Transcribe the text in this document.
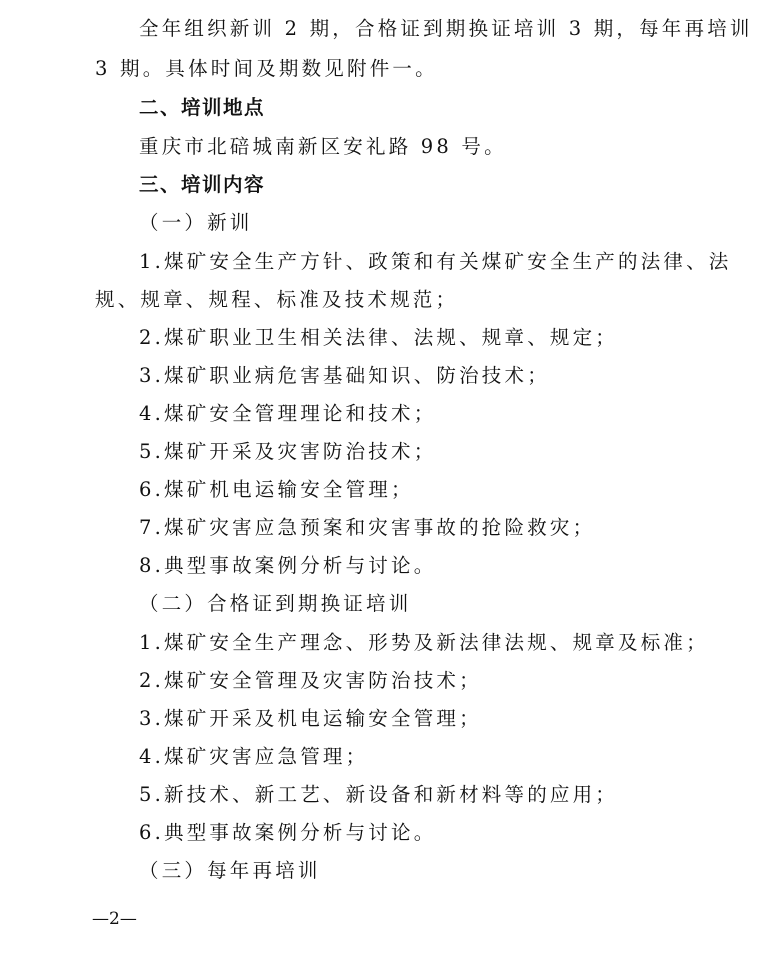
全年组织新训 2 期，合格证到期换证培训 3 期，每年再培训
3 期。具体时间及期数见附件一。
二、培训地点
重庆市北碚城南新区安礼路 98 号。
三、培训内容
（一）新训
1.煤矿安全生产方针、政策和有关煤矿安全生产的法律、法
规、规章、规程、标准及技术规范；
2.煤矿职业卫生相关法律、法规、规章、规定；
3.煤矿职业病危害基础知识、防治技术；
4.煤矿安全管理理论和技术；
5.煤矿开采及灾害防治技术；
6.煤矿机电运输安全管理；
7.煤矿灾害应急预案和灾害事故的抢险救灾；
8.典型事故案例分析与讨论。
（二）合格证到期换证培训
1.煤矿安全生产理念、形势及新法律法规、规章及标准；
2.煤矿安全管理及灾害防治技术；
3.煤矿开采及机电运输安全管理；
4.煤矿灾害应急管理；
5.新技术、新工艺、新设备和新材料等的应用；
6.典型事故案例分析与讨论。
（三）每年再培训
—2—
